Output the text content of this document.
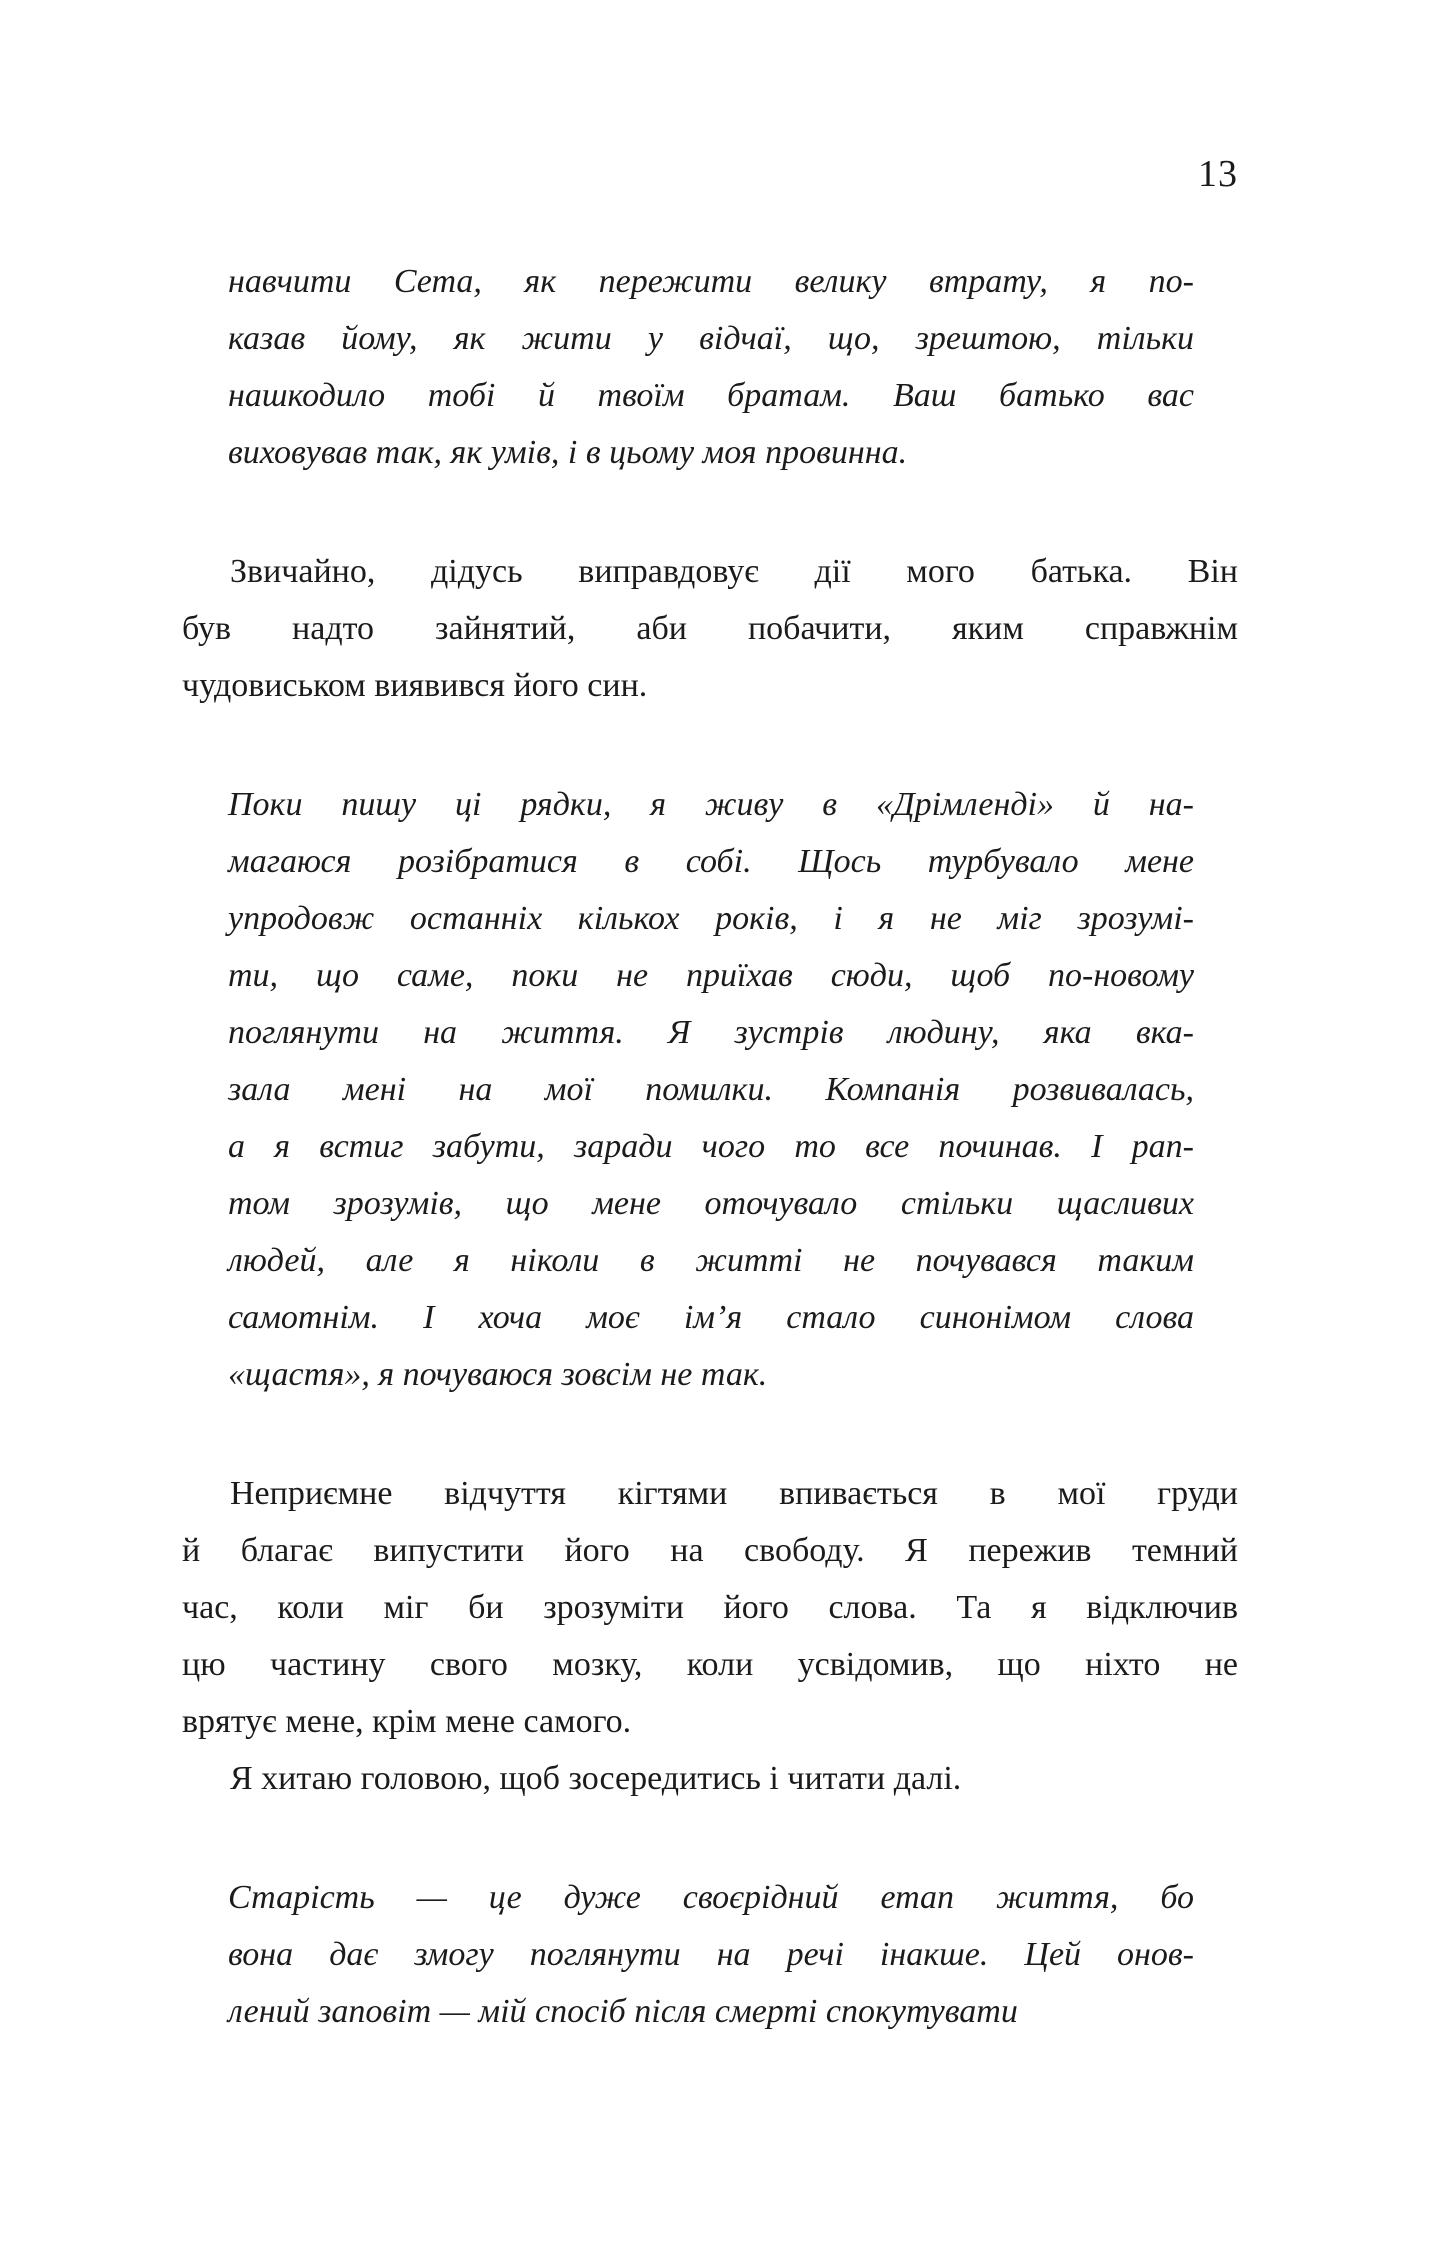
13
навчити Сета, як пережити велику втрату, я по-
казав йому, як жити у відчаї, що, зрештою, тільки
нашкодило тобі й твоїм братам. Ваш батько вас
виховував так, як умів, і в цьому моя провинна.
Звичайно, дідусь виправдовує дії мого батька. Він
був надто зайнятий, аби побачити, яким справжнім
чудовиськом виявився його син.
Поки пишу ці рядки, я живу в «Дрімленді» й на-
магаюся розібратися в собі. Щось турбувало мене
упродовж останніх кількох років, і я не міг зрозумі-
ти, що саме, поки не приїхав сюди, щоб по-новому
поглянути на життя. Я зустрів людину, яка вка-
зала мені на мої помилки. Компанія розвивалась,
а я встиг забути, заради чого то все починав. І рап-
том зрозумів, що мене оточувало стільки щасливих
людей, але я ніколи в житті не почувався таким
самотнім. І хоча моє ім’я стало синонімом слова
«щастя», я почуваюся зовсім не так.
Неприємне відчуття кігтями впивається в мої груди
й благає випустити його на свободу. Я пережив темний
час, коли міг би зрозуміти його слова. Та я відключив
цю частину свого мозку, коли усвідомив, що ніхто не
врятує мене, крім мене самого.
Я хитаю головою, щоб зосередитись і читати далі.
Старість — це дуже своєрідний етап життя, бо
вона дає змогу поглянути на речі інакше. Цей онов-
лений заповіт — мій спосіб після смерті спокутувати
